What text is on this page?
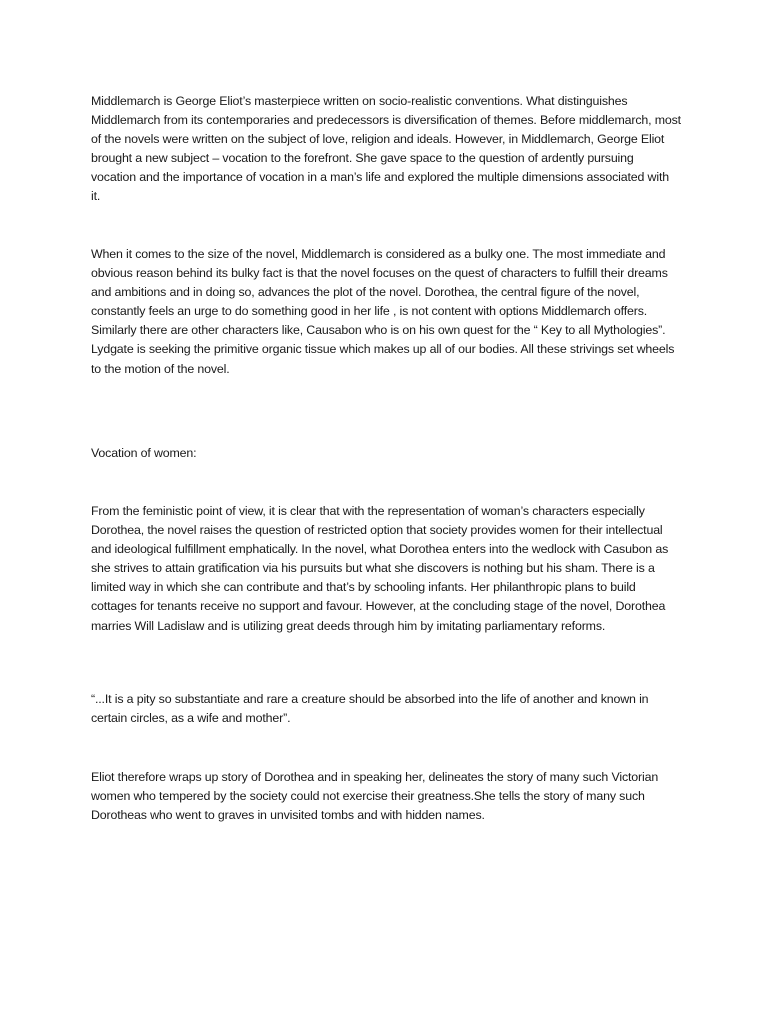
Middlemarch is George Eliot’s masterpiece written on socio-realistic conventions. What distinguishes Middlemarch from its contemporaries and predecessors is diversification of themes. Before middlemarch, most of the novels were written on the subject of love, religion and ideals. However, in Middlemarch, George Eliot brought a new subject – vocation to the forefront. She gave space to the question of ardently pursuing vocation and the importance of vocation in a man’s life and explored the multiple dimensions associated with it.

When it comes to the size of the novel, Middlemarch is considered as a bulky one. The most immediate and obvious reason behind its bulky fact is that the novel focuses on the quest of characters to fulfill their dreams and ambitions and in doing so, advances the plot of the novel. Dorothea, the central figure of the novel, constantly feels an urge to do something good in her life , is not content with options Middlemarch offers. Similarly there are other characters like, Causabon who is on his own quest for the “ Key to all Mythologies”. Lydgate is seeking the primitive organic tissue which makes up all of our bodies. All these strivings set wheels to the motion of the novel.

Vocation of women:

From the feministic point of view, it is clear that with the representation of woman’s characters especially Dorothea, the novel raises the question of restricted option that society provides women for their intellectual and ideological fulfillment emphatically. In the novel, what Dorothea enters into the wedlock with Casubon as she strives to attain gratification via his pursuits but what she discovers is nothing but his sham. There is a limited way in which she can contribute and that’s by schooling infants. Her philanthropic plans to build cottages for tenants receive no support and favour. However, at the concluding stage of the novel, Dorothea marries Will Ladislaw and is utilizing great deeds through him by imitating parliamentary reforms.

“...It is a pity so substantiate and rare a creature should be absorbed into the life of another and known in certain circles, as a wife and mother”.

Eliot therefore wraps up story of Dorothea and in speaking her, delineates the story of many such Victorian women who tempered by the society could not exercise their greatness.She tells the story of many such Dorotheas who went to graves in unvisited tombs and with hidden names.
